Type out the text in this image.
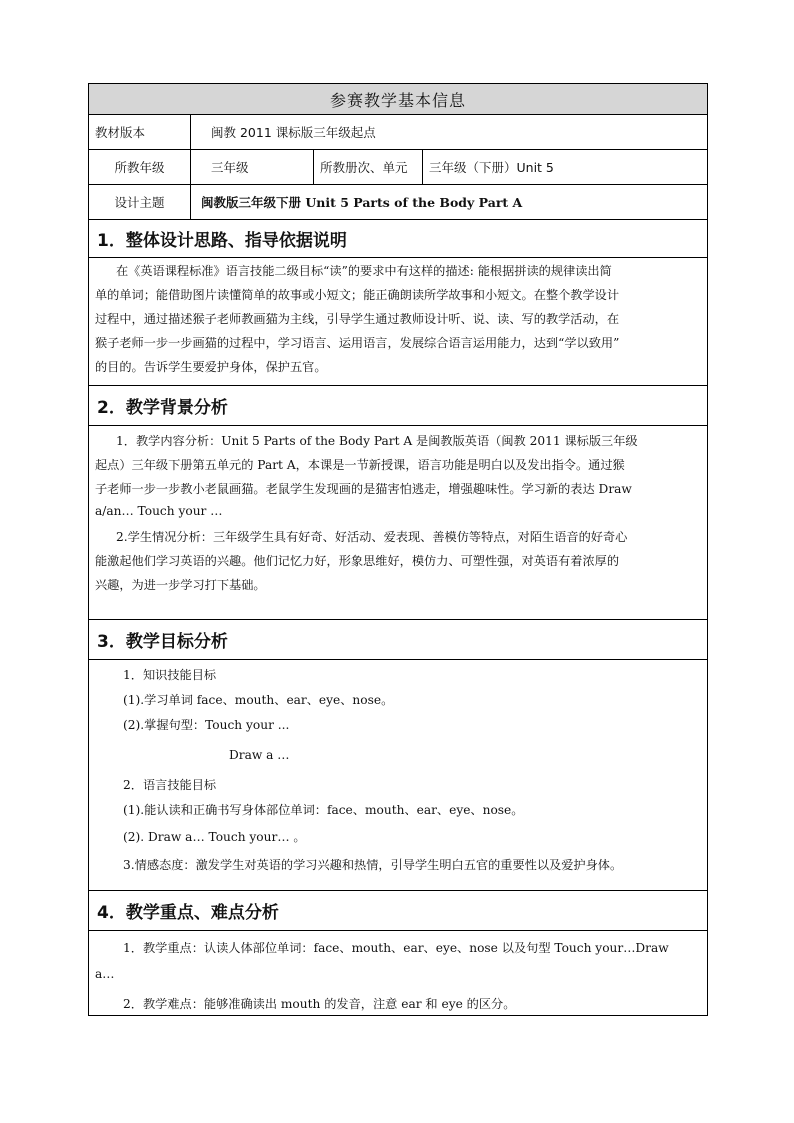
参赛教学基本信息
教材版本	闽教 2011 课标版三年级起点
所教年级	三年级	所教册次、单元	三年级（下册）Unit 5
设计主题	闽教版三年级下册 Unit 5 Parts of the Body Part A
1．整体设计思路、指导依据说明
在《英语课程标准》语言技能二级目标“读”的要求中有这样的描述: 能根据拼读的规律读出简
单的单词；能借助图片读懂简单的故事或小短文；能正确朗读所学故事和小短文。在整个教学设计
过程中，通过描述猴子老师教画猫为主线，引导学生通过教师设计听、说、读、写的教学活动，在
猴子老师一步一步画猫的过程中，学习语言、运用语言，发展综合语言运用能力，达到“学以致用”
的目的。告诉学生要爱护身体，保护五官。
2．教学背景分析
1．教学内容分析：Unit 5 Parts of the Body Part A 是闽教版英语（闽教 2011 课标版三年级
起点）三年级下册第五单元的 Part A，本课是一节新授课，语言功能是明白以及发出指令。通过猴
子老师一步一步教小老鼠画猫。老鼠学生发现画的是猫害怕逃走，增强趣味性。学习新的表达 Draw
a/an… Touch your …
2.学生情况分析：三年级学生具有好奇、好活动、爱表现、善模仿等特点，对陌生语音的好奇心
能激起他们学习英语的兴趣。他们记忆力好，形象思维好，模仿力、可塑性强，对英语有着浓厚的
兴趣，为进一步学习打下基础。
3．教学目标分析
1．知识技能目标
(1).学习单词 face、mouth、ear、eye、nose。
(2).掌握句型：Touch your ...
Draw a …
2．语言技能目标
(1).能认读和正确书写身体部位单词：face、mouth、ear、eye、nose。
(2). Draw a… Touch your… 。
3.情感态度：激发学生对英语的学习兴趣和热情，引导学生明白五官的重要性以及爱护身体。
4．教学重点、难点分析
1．教学重点：认读人体部位单词：face、mouth、ear、eye、nose 以及句型 Touch your…Draw
a…
2．教学难点：能够准确读出 mouth 的发音，注意 ear 和 eye 的区分。
